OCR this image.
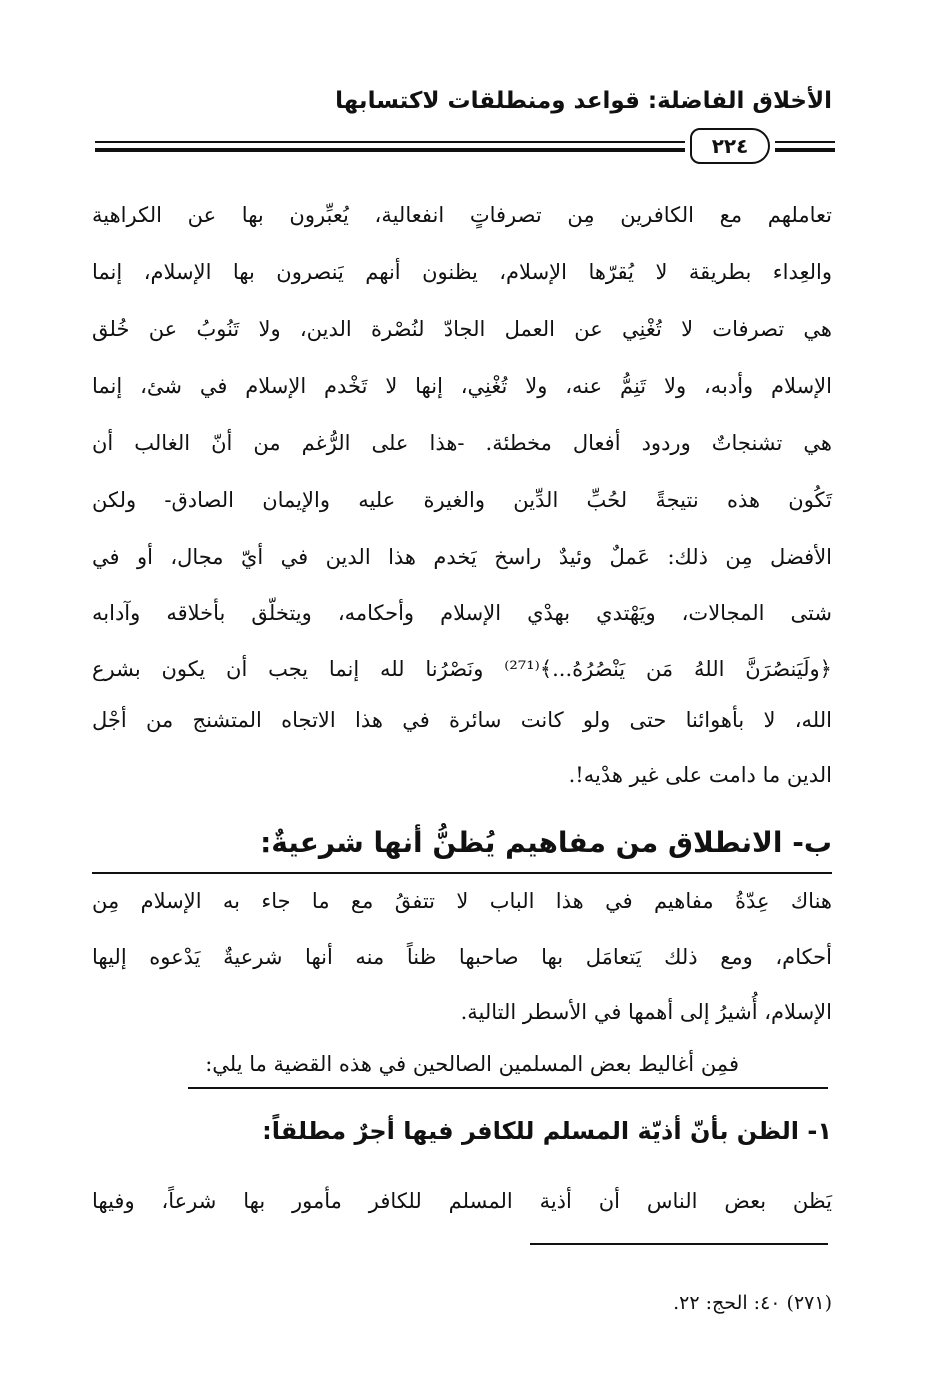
الأخلاق الفاضلة: قواعد ومنطلقات لاكتسابها
٢٢٤
تعاملهم مع الكافرين مِن تصرفاتٍ انفعالية، يُعبِّرون بها عن الكراهية
والعِداء بطريقة لا يُقرّها الإسلام، يظنون أنهم يَنصرون بها الإسلام، إنما
هي تصرفات لا تُغْنِي عن العمل الجادّ لنُصْرة الدين، ولا تَنُوبُ عن خُلق
الإسلام وأدبه، ولا تَنِمُّ عنه، ولا تُغْنِي، إنها لا تَخْدم الإسلام في شئ، إنما
هي تشنجاتٌ وردود أفعال مخطئة. -هذا على الرُّغم من أنّ الغالب أن
تَكُون هذه نتيجةً لحُبِّ الدِّين والغيرة عليه والإيمان الصادق- ولكن
الأفضل مِن ذلك: عَملٌ وئيدٌ راسخ يَخدم هذا الدين في أيّ مجال، أو في
شتى المجالات، ويَهْتدي بهدْي الإسلام وأحكامه، ويتخلّق بأخلاقه وآدابه
﴿ولَيَنصُرَنَّ اللهُ مَن يَنْصُرُهُ...﴾⁽²⁷¹⁾ ونَصْرُنا لله إنما يجب أن يكون بشرع
الله، لا بأهوائنا حتى ولو كانت سائرة في هذا الاتجاه المتشنج من أجْل
الدين ما دامت على غير هدْيه!.
ب- الانطلاق من مفاهيم يُظنُّ أنها شرعيةٌ:
هناك عِدّةُ مفاهيم في هذا الباب لا تتفقُ مع ما جاء به الإسلام مِن
أحكام، ومع ذلك يَتعامَل بها صاحبها ظناً منه أنها شرعيةٌ يَدْعوه إليها
الإسلام، أُشيرُ إلى أهمها في الأسطر التالية.
فمِن أغاليط بعض المسلمين الصالحين في هذه القضية ما يلي:
١- الظن بأنّ أذيّة المسلم للكافر فيها أجرٌ مطلقاً:
يَظن بعض الناس أن أذية المسلم للكافر مأمور بها شرعاً، وفيها
(٢٧١) ٤٠: الحج: ٢٢.
